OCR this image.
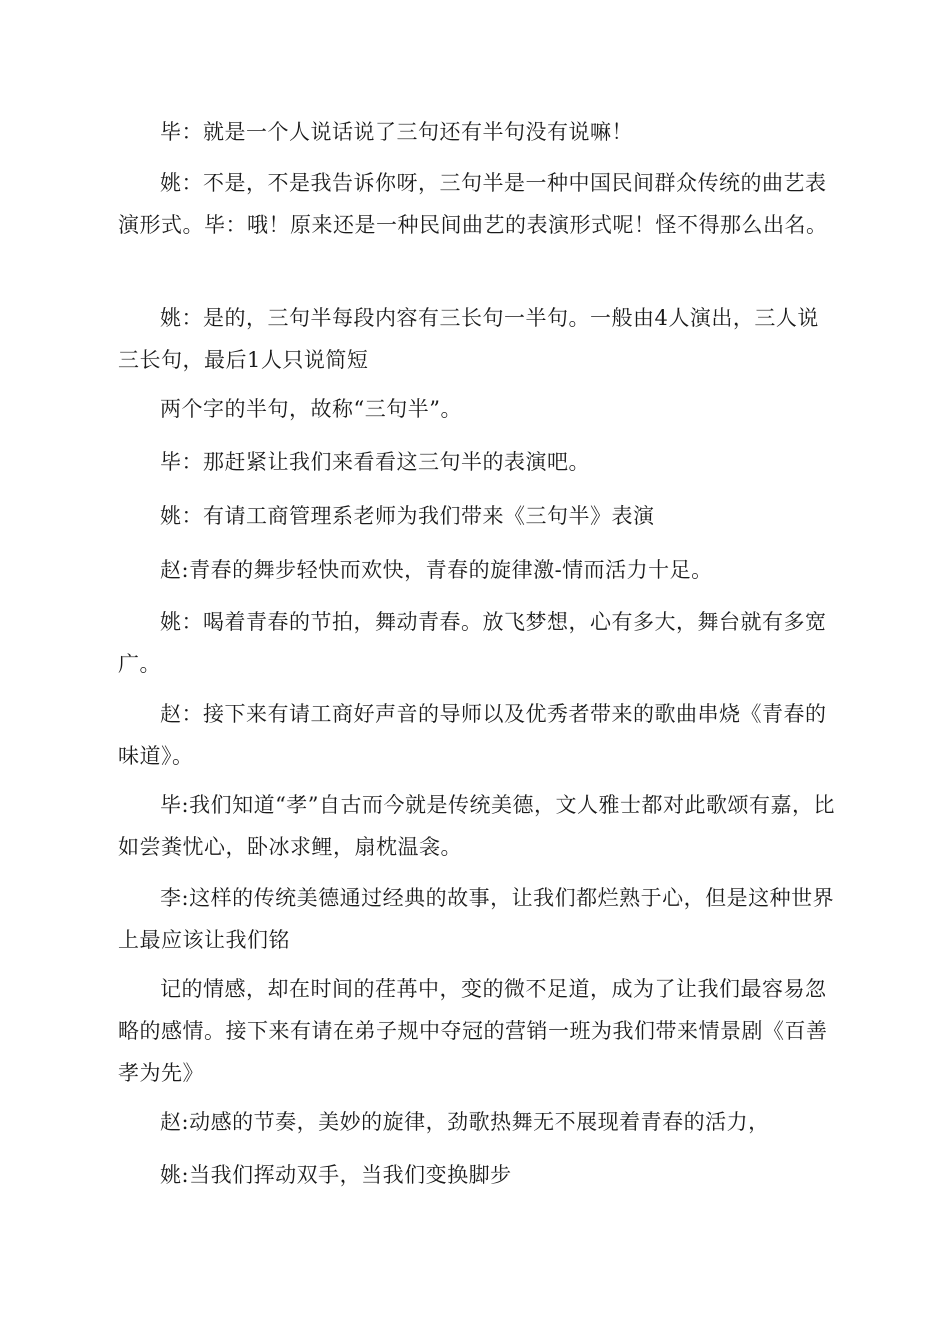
毕：就是一个人说话说了三句还有半句没有说嘛！

姚：不是，不是我告诉你呀，三句半是一种中国民间群众传统的曲艺表演形式。毕：哦！原来还是一种民间曲艺的表演形式呢！怪不得那么出名。

姚：是的，三句半每段内容有三长句一半句。一般由4人演出，三人说三长句，最后1人只说简短

两个字的半句，故称“三句半”。

毕：那赶紧让我们来看看这三句半的表演吧。

姚：有请工商管理系老师为我们带来《三句半》表演

赵:青春的舞步轻快而欢快，青春的旋律激-情而活力十足。

姚：喝着青春的节拍，舞动青春。放飞梦想，心有多大，舞台就有多宽广。

赵：接下来有请工商好声音的导师以及优秀者带来的歌曲串烧《青春的味道》。

毕:我们知道“孝”自古而今就是传统美德，文人雅士都对此歌颂有嘉，比如尝粪忧心，卧冰求鲤，扇枕温衾。

李:这样的传统美德通过经典的故事，让我们都烂熟于心，但是这种世界上最应该让我们铭

记的情感，却在时间的荏苒中，变的微不足道，成为了让我们最容易忽略的感情。接下来有请在弟子规中夺冠的营销一班为我们带来情景剧《百善孝为先》

赵:动感的节奏，美妙的旋律，劲歌热舞无不展现着青春的活力，

姚:当我们挥动双手，当我们变换脚步
